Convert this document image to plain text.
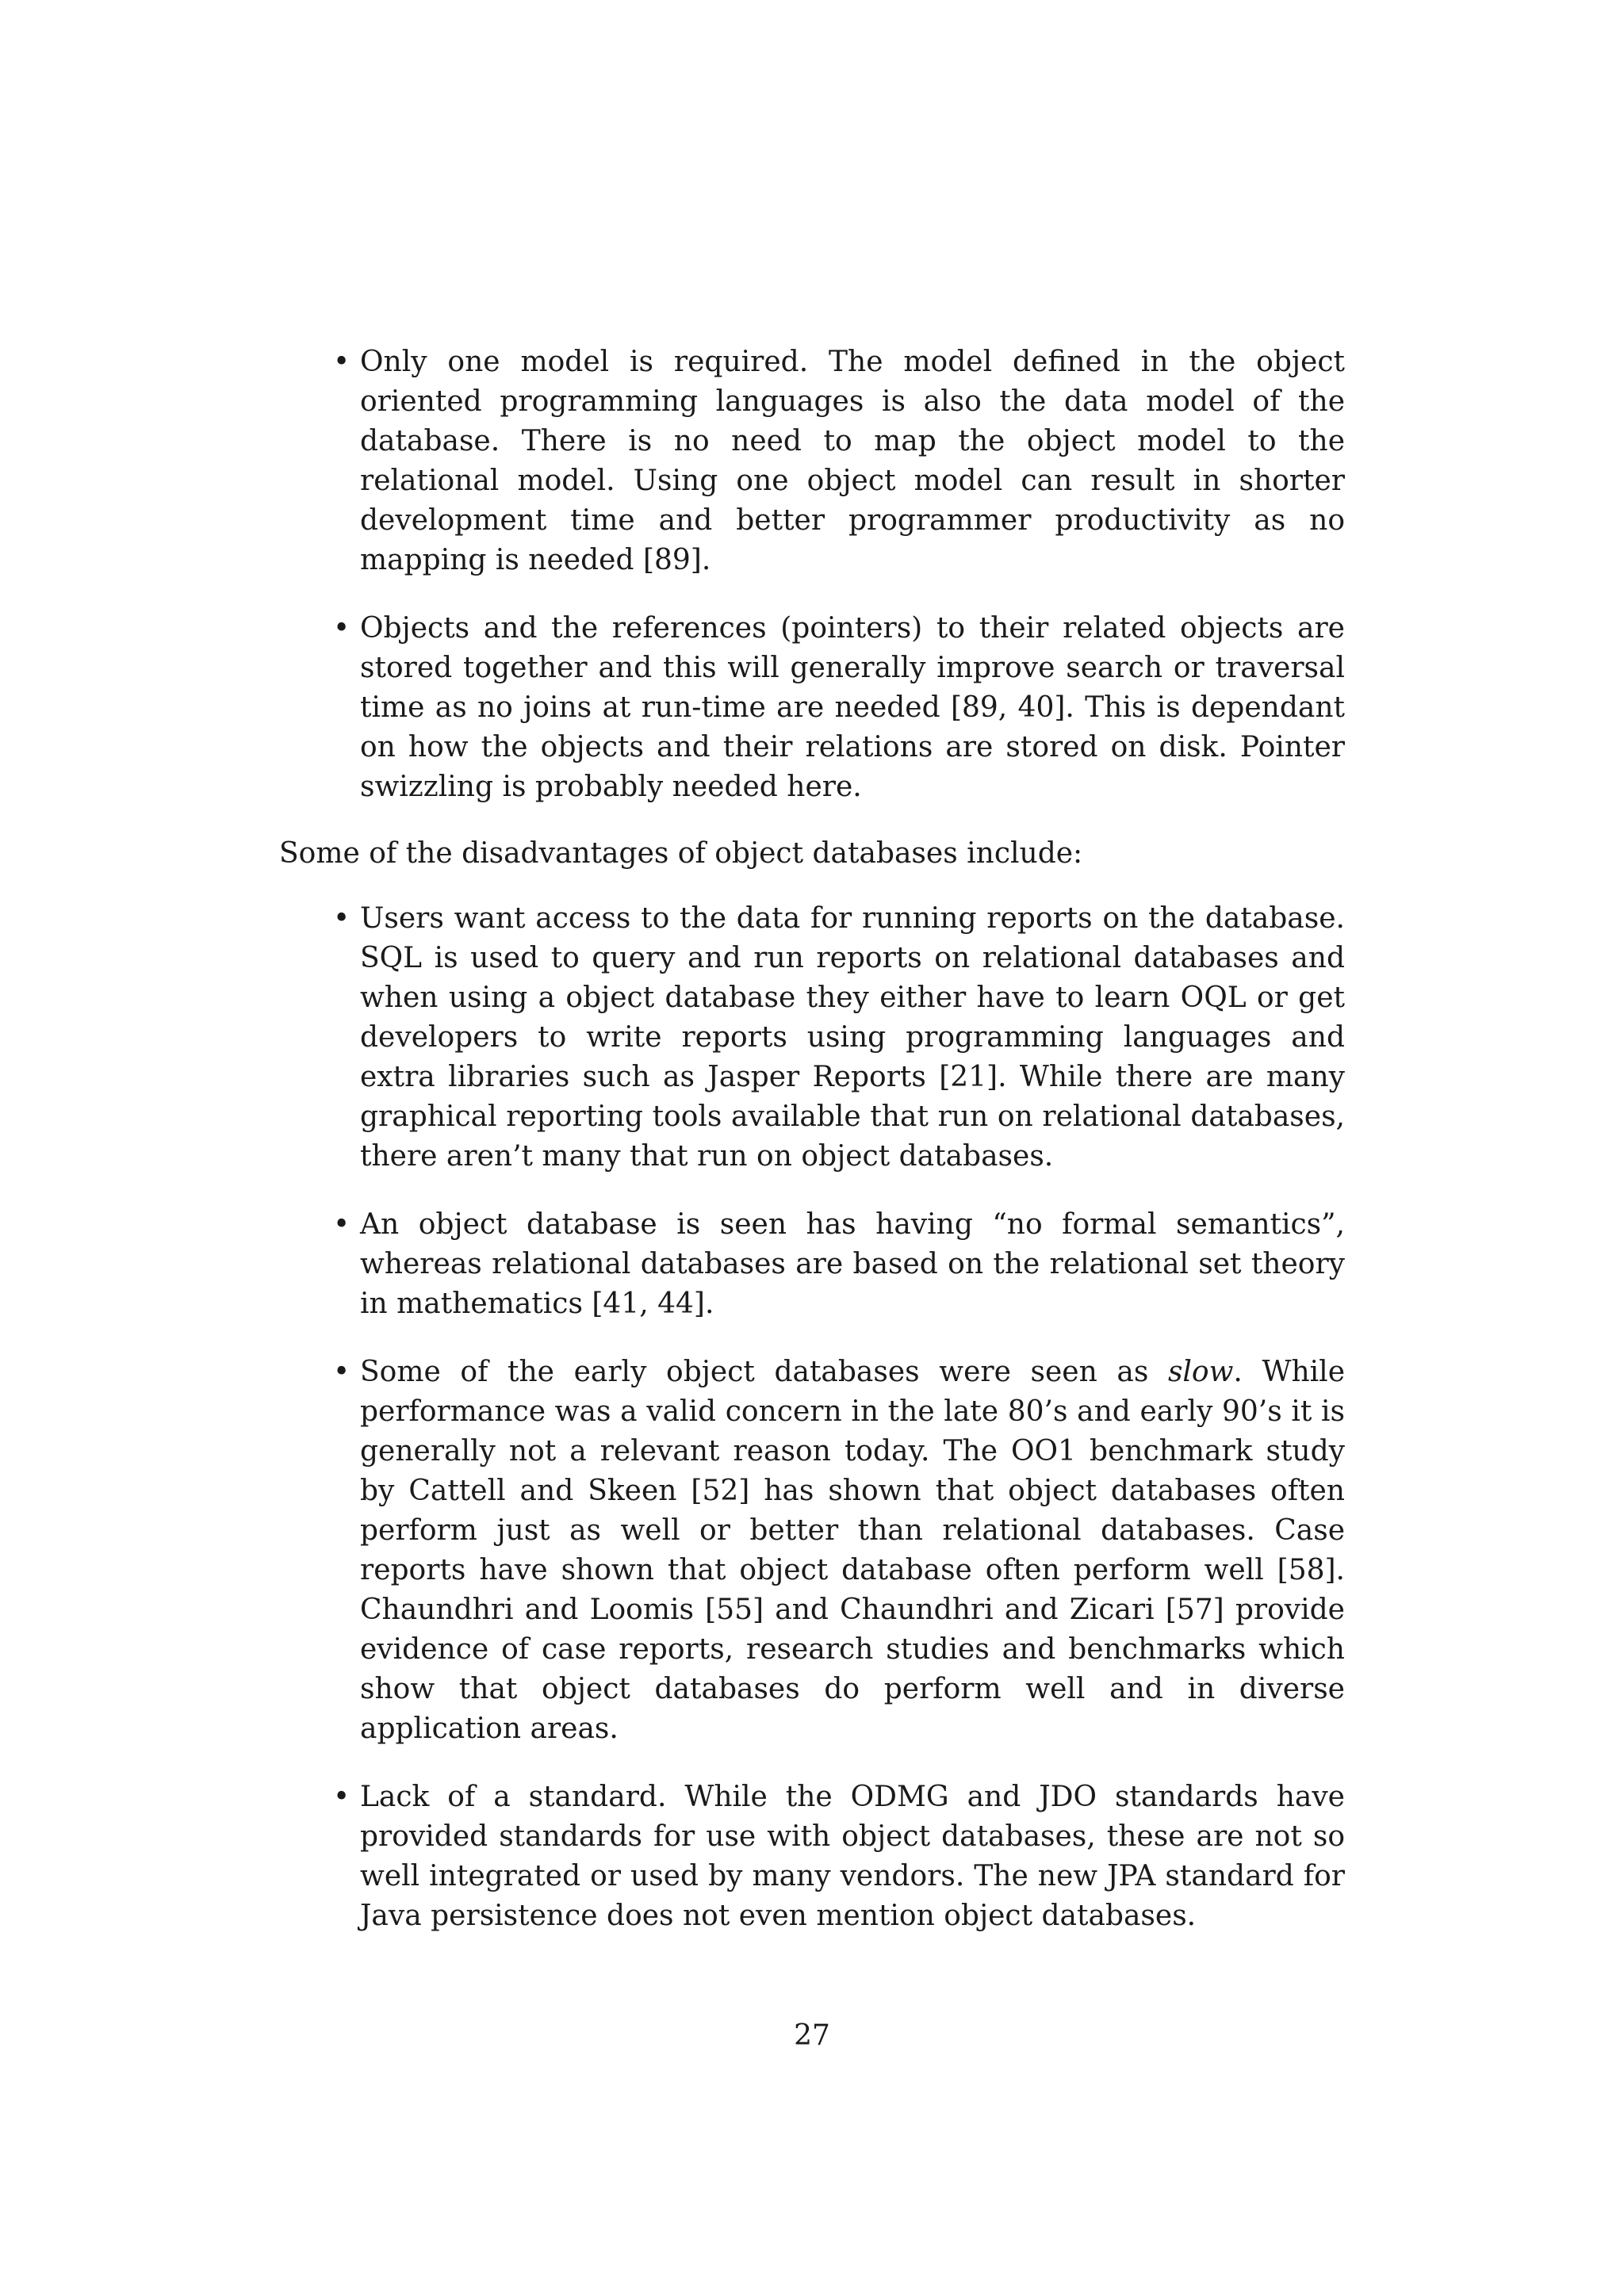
• Only one model is required. The model defined in the object oriented programming languages is also the data model of the database. There is no need to map the object model to the relational model. Using one object model can result in shorter development time and better programmer productivity as no mapping is needed [89].
• Objects and the references (pointers) to their related objects are stored together and this will generally improve search or traversal time as no joins at run-time are needed [89, 40]. This is dependant on how the objects and their relations are stored on disk. Pointer swizzling is probably needed here.

Some of the disadvantages of object databases include:

• Users want access to the data for running reports on the database. SQL is used to query and run reports on relational databases and when using a object database they either have to learn OQL or get developers to write reports using programming languages and extra libraries such as Jasper Reports [21]. While there are many graphical reporting tools available that run on relational databases, there aren’t many that run on object databases.
• An object database is seen has having “no formal semantics”, whereas relational databases are based on the relational set theory in mathematics [41, 44].
• Some of the early object databases were seen as slow. While performance was a valid concern in the late 80’s and early 90’s it is generally not a relevant reason today. The OO1 benchmark study by Cattell and Skeen [52] has shown that object databases often perform just as well or better than relational databases. Case reports have shown that object database often perform well [58]. Chaundhri and Loomis [55] and Chaundhri and Zicari [57] provide evidence of case reports, research studies and benchmarks which show that object databases do perform well and in diverse application areas.
• Lack of a standard. While the ODMG and JDO standards have provided standards for use with object databases, these are not so well integrated or used by many vendors. The new JPA standard for Java persistence does not even mention object databases.
27
